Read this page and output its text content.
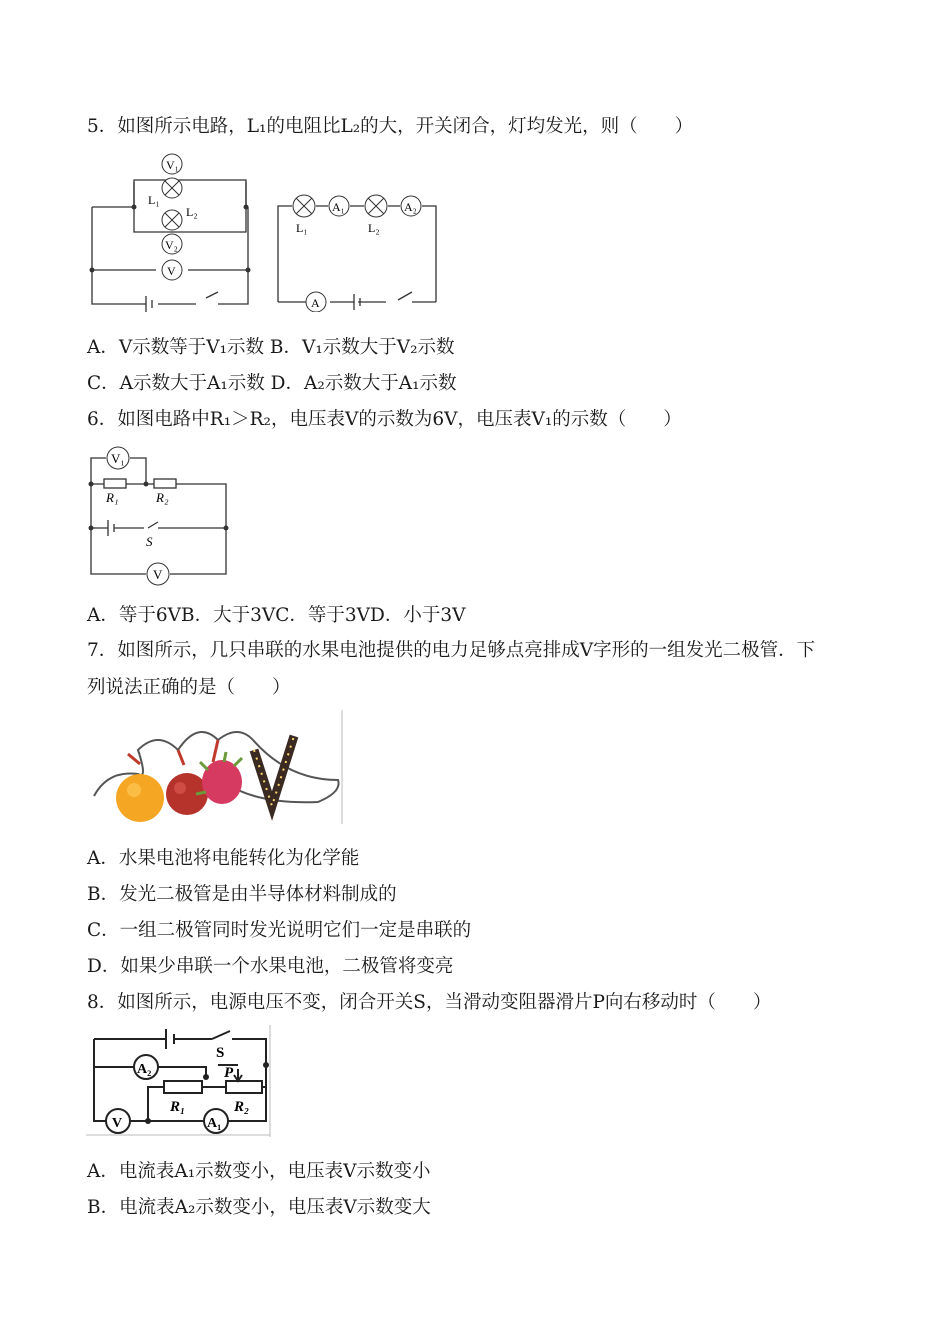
5．如图所示电路，L₁的电阻比L₂的大，开关闭合，灯均发光，则（　　）
V₁
L₁
L₂
V₂
V
L₁
A₁
L₂
A₂
A
A．V示数等于V₁示数 B．V₁示数大于V₂示数
C．A示数大于A₁示数 D．A₂示数大于A₁示数
6．如图电路中R₁＞R₂，电压表V的示数为6V，电压表V₁的示数（　　）
V₁
R₁	R₂
S
V
A．等于6VB．大于3VC．等于3VD．小于3V
7．如图所示，几只串联的水果电池提供的电力足够点亮排成V字形的一组发光二极管．下
列说法正确的是（　　）
A．水果电池将电能转化为化学能
B．发光二极管是由半导体材料制成的
C．一组二极管同时发光说明它们一定是串联的
D．如果少串联一个水果电池，二极管将变亮
8．如图所示，电源电压不变，闭合开关S，当滑动变阻器滑片P向右移动时（　　）
A₂
S
P
R₁	R₂
V	A₁
A．电流表A₁示数变小，电压表V示数变小
B．电流表A₂示数变小，电压表V示数变大
